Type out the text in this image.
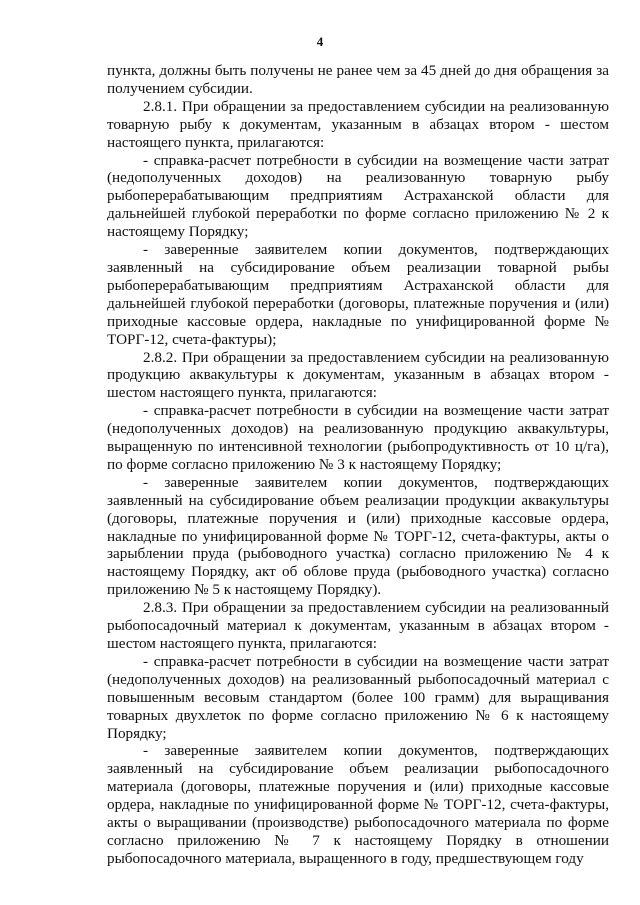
4

пункта, должны быть получены не ранее чем за 45 дней до дня обращения за получением субсидии.

2.8.1. При обращении за предоставлением субсидии на реализованную товарную рыбу к документам, указанным в абзацах втором - шестом настоящего пункта, прилагаются:

- справка-расчет потребности в субсидии на возмещение части затрат (недополученных доходов) на реализованную товарную рыбу рыбоперерабатывающим предприятиям Астраханской области для дальнейшей глубокой переработки по форме согласно приложению № 2 к настоящему Порядку;

- заверенные заявителем копии документов, подтверждающих заявленный на субсидирование объем реализации товарной рыбы рыбоперерабатывающим предприятиям Астраханской области для дальнейшей глубокой переработки (договоры, платежные поручения и (или) приходные кассовые ордера, накладные по унифицированной форме № ТОРГ-12, счета-фактуры);

2.8.2. При обращении за предоставлением субсидии на реализованную продукцию аквакультуры к документам, указанным в абзацах втором - шестом настоящего пункта, прилагаются:

- справка-расчет потребности в субсидии на возмещение части затрат (недополученных доходов) на реализованную продукцию аквакультуры, выращенную по интенсивной технологии (рыбопродуктивность от 10 ц/га), по форме согласно приложению № 3 к настоящему Порядку;

- заверенные заявителем копии документов, подтверждающих заявленный на субсидирование объем реализации продукции аквакультуры (договоры, платежные поручения и (или) приходные кассовые ордера, накладные по унифицированной форме № ТОРГ-12, счета-фактуры, акты о зарыблении пруда (рыбоводного участка) согласно приложению № 4 к настоящему Порядку, акт об облове пруда (рыбоводного участка) согласно приложению № 5 к настоящему Порядку).

2.8.3. При обращении за предоставлением субсидии на реализованный рыбопосадочный материал к документам, указанным в абзацах втором - шестом настоящего пункта, прилагаются:

- справка-расчет потребности в субсидии на возмещение части затрат (недополученных доходов) на реализованный рыбопосадочный материал с повышенным весовым стандартом (более 100 грамм) для выращивания товарных двухлеток по форме согласно приложению № 6 к настоящему Порядку;

- заверенные заявителем копии документов, подтверждающих заявленный на субсидирование объем реализации рыбопосадочного материала (договоры, платежные поручения и (или) приходные кассовые ордера, накладные по унифицированной форме № ТОРГ-12, счета-фактуры, акты о выращивании (производстве) рыбопосадочного материала по форме согласно приложению № 7 к настоящему Порядку в отношении рыбопосадочного материала, выращенного в году, предшествующем году
